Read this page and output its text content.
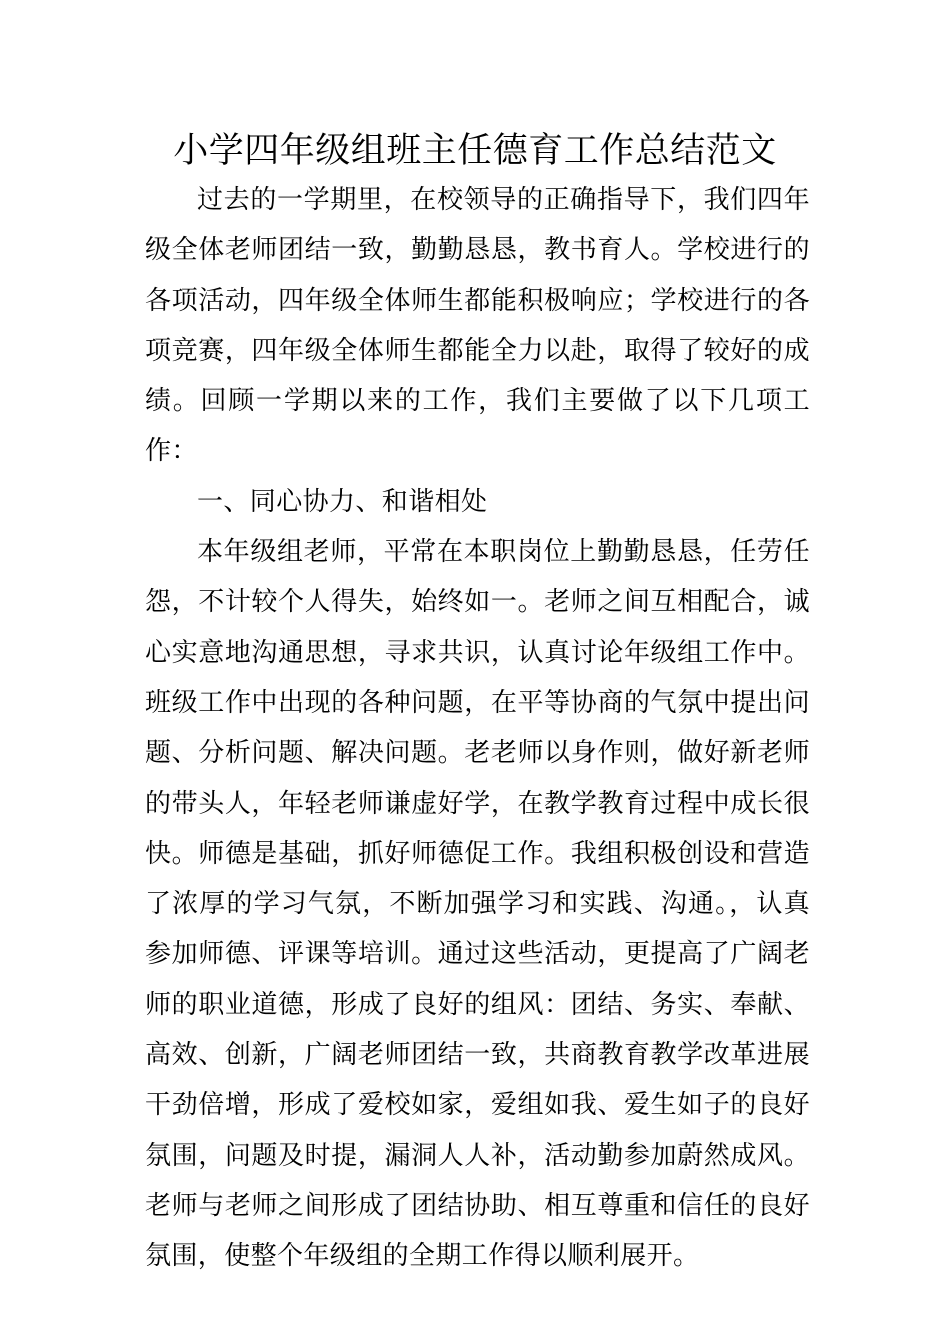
小学四年级组班主任德育工作总结范文

过去的一学期里，在校领导的正确指导下，我们四年级全体老师团结一致，勤勤恳恳，教书育人。学校进行的各项活动，四年级全体师生都能积极响应；学校进行的各项竞赛，四年级全体师生都能全力以赴，取得了较好的成绩。回顾一学期以来的工作，我们主要做了以下几项工作：

一、同心协力、和谐相处

本年级组老师，平常在本职岗位上勤勤恳恳，任劳任怨，不计较个人得失，始终如一。老师之间互相配合，诚心实意地沟通思想，寻求共识，认真讨论年级组工作中。班级工作中出现的各种问题，在平等协商的气氛中提出问题、分析问题、解决问题。老老师以身作则，做好新老师的带头人，年轻老师谦虚好学，在教学教育过程中成长很快。师德是基础，抓好师德促工作。我组积极创设和营造了浓厚的学习气氛，不断加强学习和实践、沟通。，认真参加师德、评课等培训。通过这些活动，更提高了广阔老师的职业道德，形成了良好的组风：团结、务实、奉献、高效、创新，广阔老师团结一致，共商教育教学改革进展干劲倍增，形成了爱校如家，爱组如我、爱生如子的良好氛围，问题及时提，漏洞人人补，活动勤参加蔚然成风。老师与老师之间形成了团结协助、相互尊重和信任的良好氛围，使整个年级组的全期工作得以顺利展开。
